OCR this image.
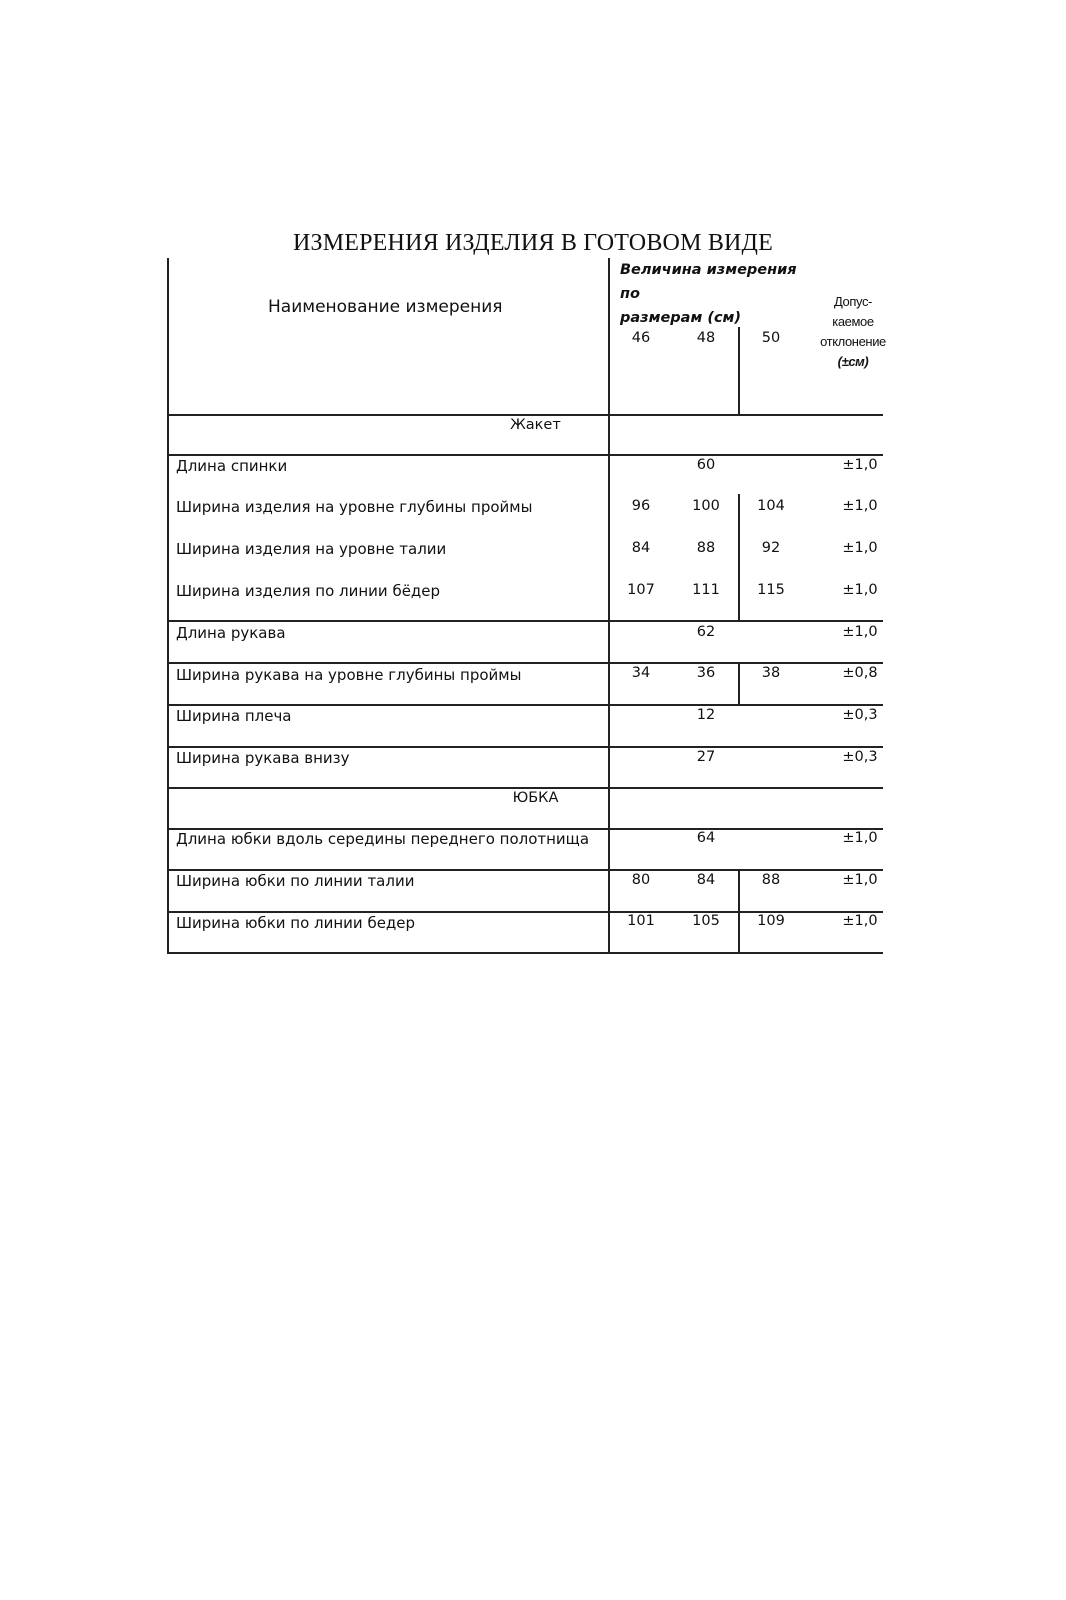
ИЗМЕРЕНИЯ ИЗДЕЛИЯ В ГОТОВОМ ВИДЕ
Наименование измерения
Величина измерения по
размерам (см)
46	48	50
Допус-
каемое
отклонение
(±см)
Жакет
Длина спинки	60	±1,0
Ширина изделия на уровне глубины проймы	96	100	104	±1,0
Ширина изделия на уровне талии	84	88	92	±1,0
Ширина изделия по линии бёдер	107	111	115	±1,0
Длина рукава	62	±1,0
Ширина рукава на уровне глубины проймы	34	36	38	±0,8
Ширина плеча	12	±0,3
Ширина рукава внизу	27	±0,3
ЮБКА
Длина юбки вдоль середины переднего полотнища	64	±1,0
Ширина юбки по линии талии	80	84	88	±1,0
Ширина юбки по линии бедер	101	105	109	±1,0
